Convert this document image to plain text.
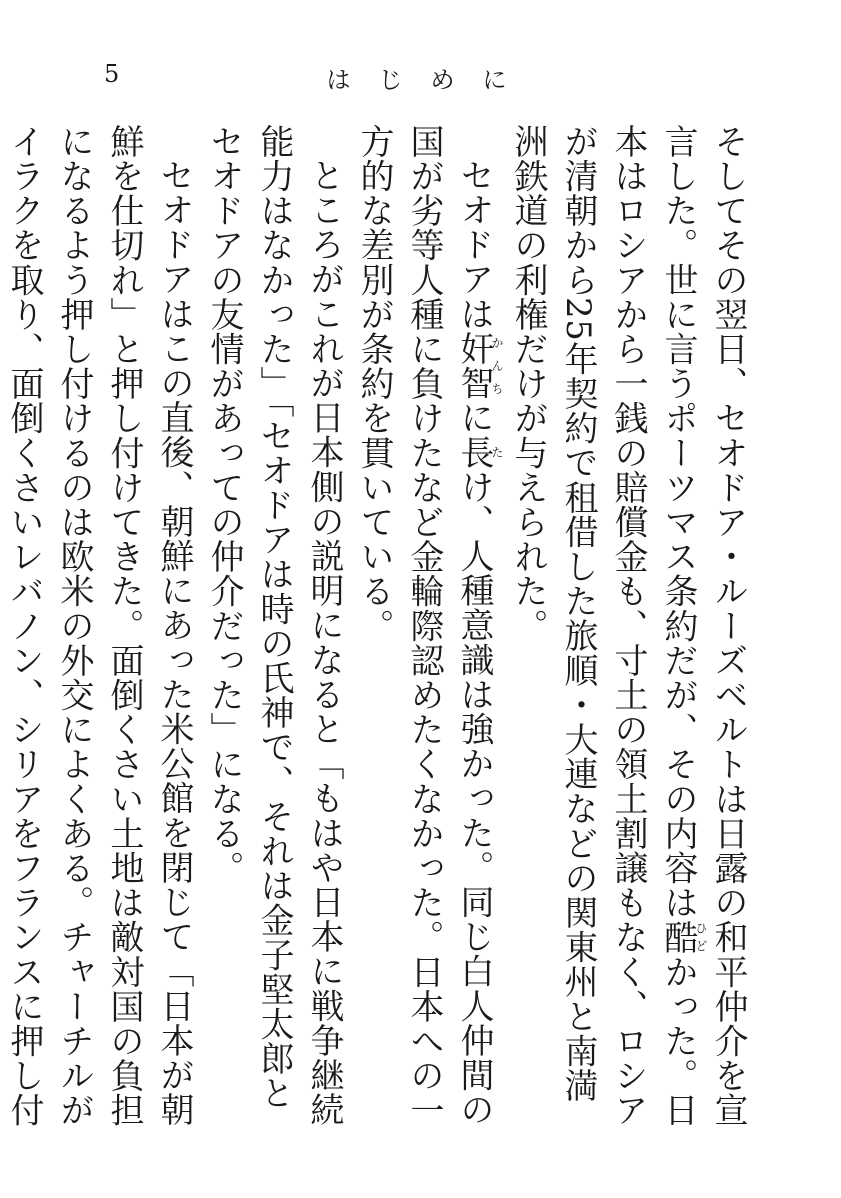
5	はじめに

そしてその翌日、セオドア・ルーズベルトは日露の和平仲介を宣言した。世に言うポーツマス条約だが、その内容は酷ひどかった。日本はロシアから一銭の賠償金も、寸土の領土割譲もなく、ロシアが清朝から25年契約で租借した旅順・大連などの関東州と南満洲鉄道の利権だけが与えられた。

セオドアは奸智かんちに長たけ、人種意識は強かった。同じ白人仲間の国が劣等人種に負けたなど金輪際認めたくなかった。日本への一方的な差別が条約を貫いている。

ところがこれが日本側の説明になると「もはや日本に戦争継続能力はなかった」「セオドアは時の氏神で、それは金子堅太郎とセオドアの友情があっての仲介だった」になる。

セオドアはこの直後、朝鮮にあった米公館を閉じて「日本が朝鮮を仕切れ」と押し付けてきた。面倒くさい土地は敵対国の負担になるよう押し付けるのは欧米の外交によくある。チャーチルがイラクを取り、面倒くさいレバノン、シリアをフランスに押し付
